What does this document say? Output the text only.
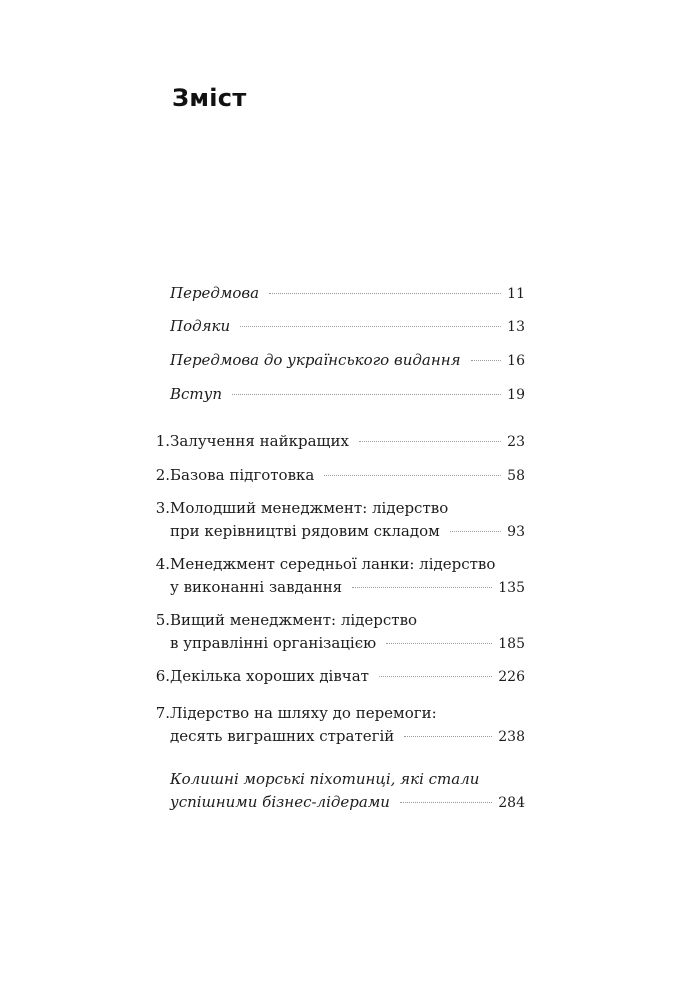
Зміст
Передмова	11
Подяки	13
Передмова до українського видання	16
Вступ	19
1. Залучення найкращих	23
2. Базова підготовка	58
3. Молодший менеджмент: лідерство
при керівництві рядовим складом	93
4. Менеджмент середньої ланки: лідерство
у виконанні завдання	135
5. Вищий менеджмент: лідерство
в управлінні організацією	185
6. Декілька хороших дівчат	226
7. Лідерство на шляху до перемоги:
десять виграшних стратегій	238
Колишні морські піхотинці, які стали
успішними бізнес-лідерами	284
